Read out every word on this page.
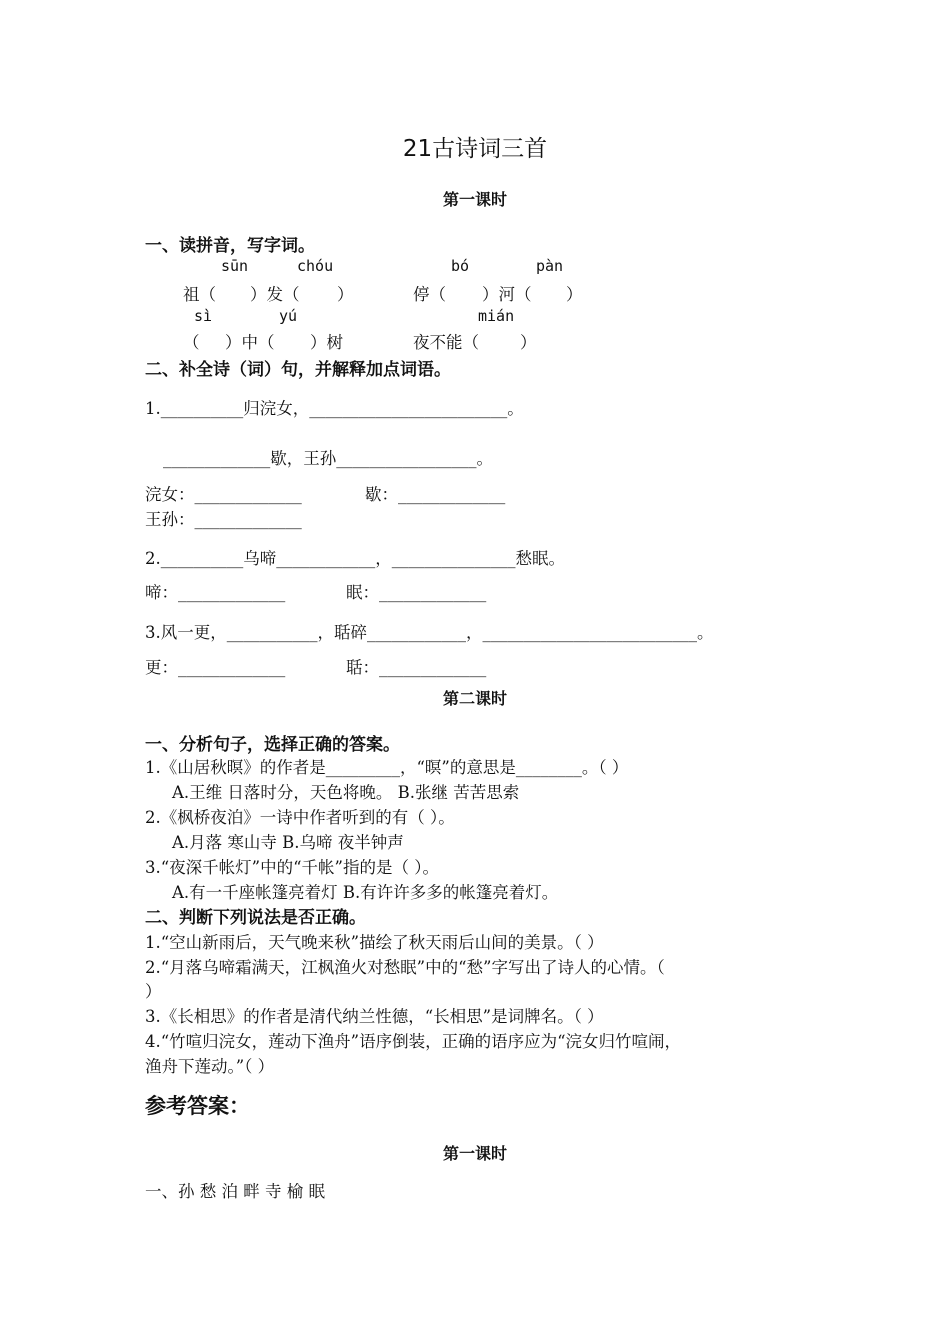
21古诗词三首
第一课时
一、读拼音，写字词。
sūn	chóu	bó	pàn
祖（ ）发（ ）	停（ ）河（ ）
sì	yú	mián
（ ）中（ ）树	夜不能（ ）
二、补全诗（词）句，并解释加点词语。
1.__________归浣女，________________________。
_____________歇，王孙_________________。
浣女：_____________	歇：_____________
王孙：_____________
2.__________乌啼____________，_______________愁眠。
啼：_____________	眠：_____________
3.风一更，___________，聒碎____________，__________________________。
更：_____________	聒：_____________
第二课时
一、分析句子，选择正确的答案。
1.《山居秋暝》的作者是_________，“暝”的意思是________。（ ）
A.王维 日落时分，天色将晚。 B.张继 苦苦思索
2.《枫桥夜泊》一诗中作者听到的有（ ）。
A.月落 寒山寺 B.乌啼 夜半钟声
3.“夜深千帐灯”中的“千帐”指的是（ ）。
A.有一千座帐篷亮着灯 B.有许许多多的帐篷亮着灯。
二、判断下列说法是否正确。
1.“空山新雨后，天气晚来秋”描绘了秋天雨后山间的美景。（ ）
2.“月落乌啼霜满天，江枫渔火对愁眠”中的“愁”字写出了诗人的心情。（
）
3.《长相思》的作者是清代纳兰性德，“长相思”是词牌名。（ ）
4.“竹喧归浣女，莲动下渔舟”语序倒装，正确的语序应为“浣女归竹喧闹，
渔舟下莲动。”（ ）
参考答案：
第一课时
一、孙 愁 泊 畔 寺 榆 眠
